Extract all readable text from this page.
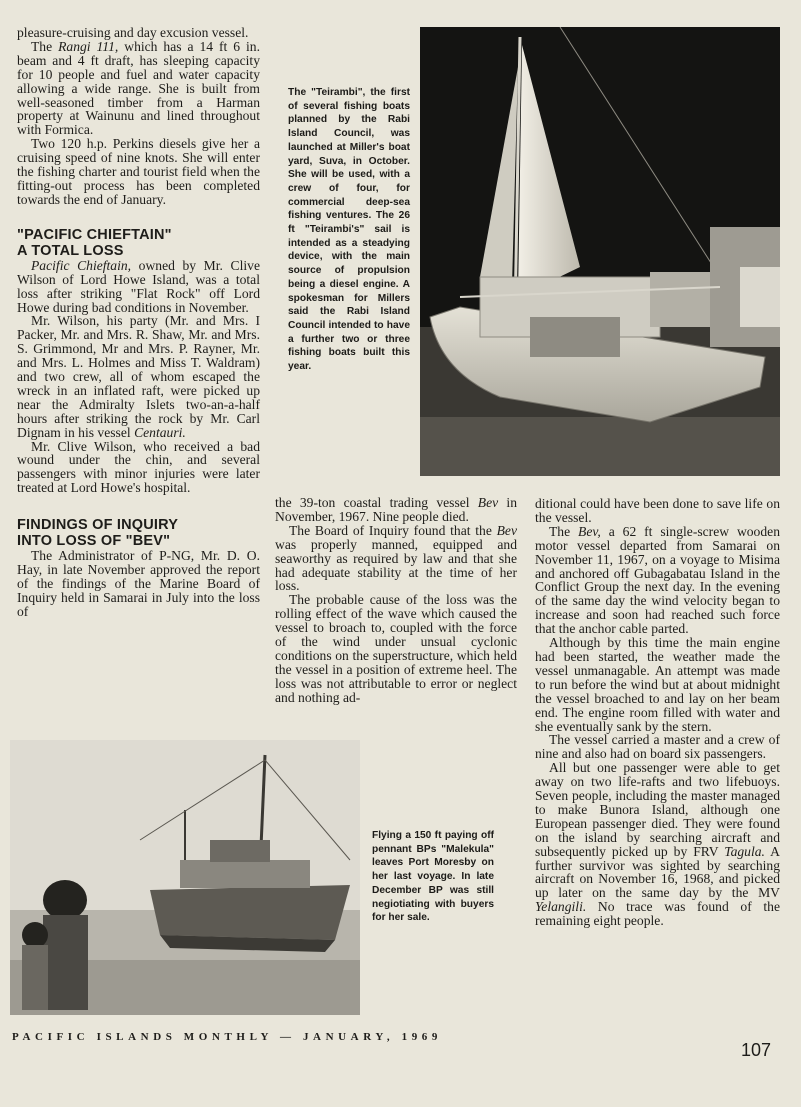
pleasure-cruising and day excusion vessel.

The Rangi 111, which has a 14 ft 6 in. beam and 4 ft draft, has sleeping capacity for 10 people and fuel and water capacity allowing a wide range. She is built from well-seasoned timber from a Harman property at Wainunu and lined throughout with Formica.

Two 120 h.p. Perkins diesels give her a cruising speed of nine knots. She will enter the fishing charter and tourist field when the fitting-out process has been completed towards the end of January.

"PACIFIC CHIEFTAIN"

A TOTAL LOSS

Pacific Chieftain, owned by Mr. Clive Wilson of Lord Howe Island, was a total loss after striking "Flat Rock" off Lord Howe during bad conditions in November.

Mr. Wilson, his party (Mr. and Mrs. I Packer, Mr. and Mrs. R. Shaw, Mr. and Mrs. S. Grimmond, Mr and Mrs. P. Rayner, Mr. and Mrs. L. Holmes and Miss T. Waldram) and two crew, all of whom escaped the wreck in an inflated raft, were picked up near the Admiralty Islets two-an-a-half hours after striking the rock by Mr. Carl Dignam in his vessel Centauri.

Mr. Clive Wilson, who received a bad wound under the chin, and several passengers with minor injuries were later treated at Lord Howe's hospital.

FINDINGS OF INQUIRY

INTO LOSS OF "BEV"

The Administrator of P-NG, Mr. D. O. Hay, in late November approved the report of the findings of the Marine Board of Inquiry held in Samarai in July into the loss of

The "Teirambi", the first of several fishing boats planned by the Rabi Island Council, was launched at Miller's boat yard, Suva, in October. She will be used, with a crew of four, for commercial deep-sea fishing ventures. The 26 ft "Teirambi's" sail is intended as a steadying device, with the main source of propulsion being a diesel engine. A spokesman for Millers said the Rabi Island Council intended to have a further two or three fishing boats built this year.

the 39-ton coastal trading vessel Bev in November, 1967. Nine people died.

The Board of Inquiry found that the Bev was properly manned, equipped and seaworthy as required by law and that she had adequate stability at the time of her loss.

The probable cause of the loss was the rolling effect of the wave which caused the vessel to broach to, coupled with the force of the wind under unsual cyclonic conditions on the superstructure, which held the vessel in a position of extreme heel. The loss was not attributable to error or neglect and nothing ad-

ditional could have been done to save life on the vessel.

The Bev, a 62 ft single-screw wooden motor vessel departed from Samarai on November 11, 1967, on a voyage to Misima and anchored off Gubagabatau Island in the Conflict Group the next day. In the evening of the same day the wind velocity began to increase and soon had reached such force that the anchor cable parted.

Although by this time the main engine had been started, the weather made the vessel unmanagable. An attempt was made to run before the wind but at about midnight the vessel broached to and lay on her beam end. The engine room filled with water and she eventually sank by the stern.

The vessel carried a master and a crew of nine and also had on board six passengers.

All but one passenger were able to get away on two life-rafts and two lifebuoys. Seven people, including the master managed to make Bunora Island, although one European passenger died. They were found on the island by searching aircraft and subsequently picked up by FRV Tagula. A further survivor was sighted by searching aircraft on November 16, 1968, and picked up later on the same day by the MV Yelangili. No trace was found of the remaining eight people.

Flying a 150 ft paying off pennant BPs "Malekula" leaves Port Moresby on her last voyage. In late December BP was still negiotiating with buyers for her sale.
PACIFIC ISLANDS MONTHLY — JANUARY, 1969
107
